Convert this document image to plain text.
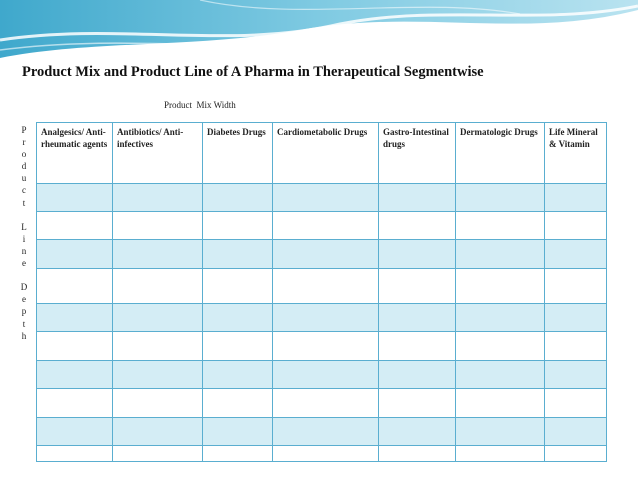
Product Mix and Product Line of A Pharma in Therapeutical Segmentwise
Product  Mix Width
P
r
o
d
u
c
t

L
i
n
e

D
e
p
t
h
Analgesics/ Anti-rheumatic agents	Antibiotics/ Anti-infectives	Diabetes Drugs	Cardiometabolic Drugs	Gastro-Intestinal drugs	Dermatologic Drugs	Life Mineral & Vitamin
